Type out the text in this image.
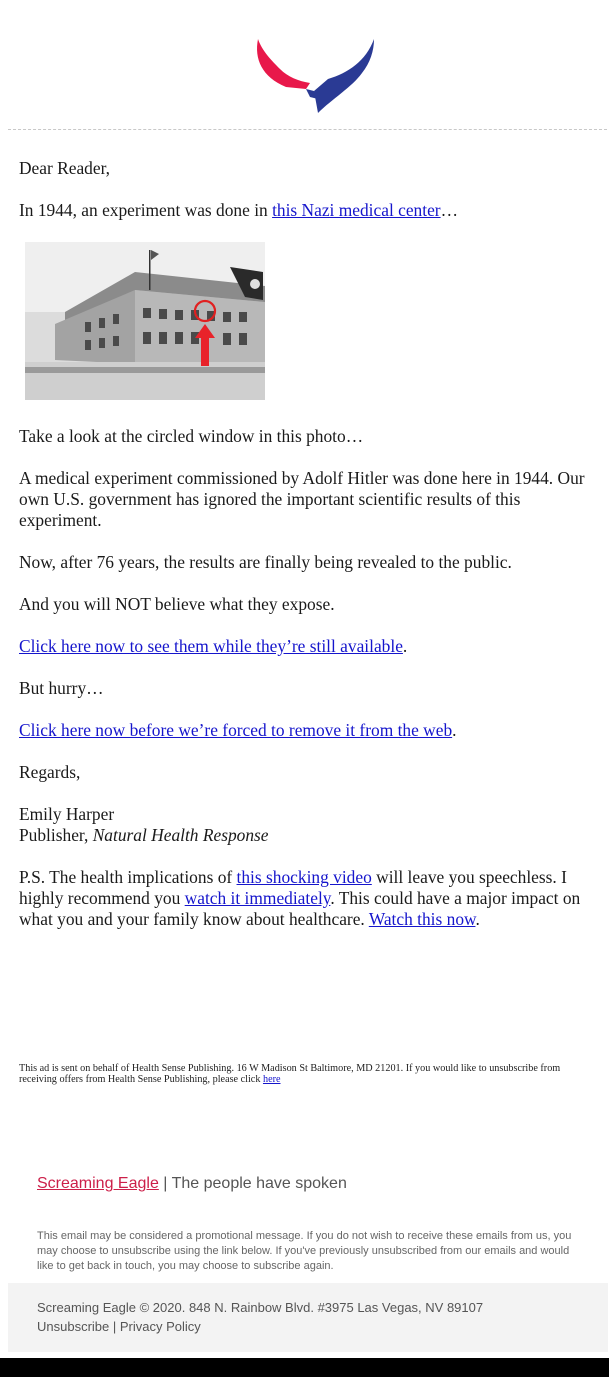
Dear Reader,

In 1944, an experiment was done in this Nazi medical center…

Take a look at the circled window in this photo…

A medical experiment commissioned by Adolf Hitler was done here in 1944. Our own U.S. government has ignored the important scientific results of this experiment.

Now, after 76 years, the results are finally being revealed to the public.

And you will NOT believe what they expose.

Click here now to see them while they’re still available.

But hurry…

Click here now before we’re forced to remove it from the web.

Regards,

Emily Harper
Publisher, Natural Health Response

P.S. The health implications of this shocking video will leave you speechless. I highly recommend you watch it immediately. This could have a major impact on what you and your family know about healthcare. Watch this now.

This ad is sent on behalf of Health Sense Publishing. 16 W Madison St Baltimore, MD 21201. If you would like to unsubscribe from receiving offers from Health Sense Publishing, please click here
Screaming Eagle | The people have spoken
This email may be considered a promotional message. If you do not wish to receive these emails from us, you may choose to unsubscribe using the link below. If you've previously unsubscribed from our emails and would like to get back in touch, you may choose to subscribe again.
Screaming Eagle © 2020. 848 N. Rainbow Blvd. #3975 Las Vegas, NV 89107
Unsubscribe | Privacy Policy
